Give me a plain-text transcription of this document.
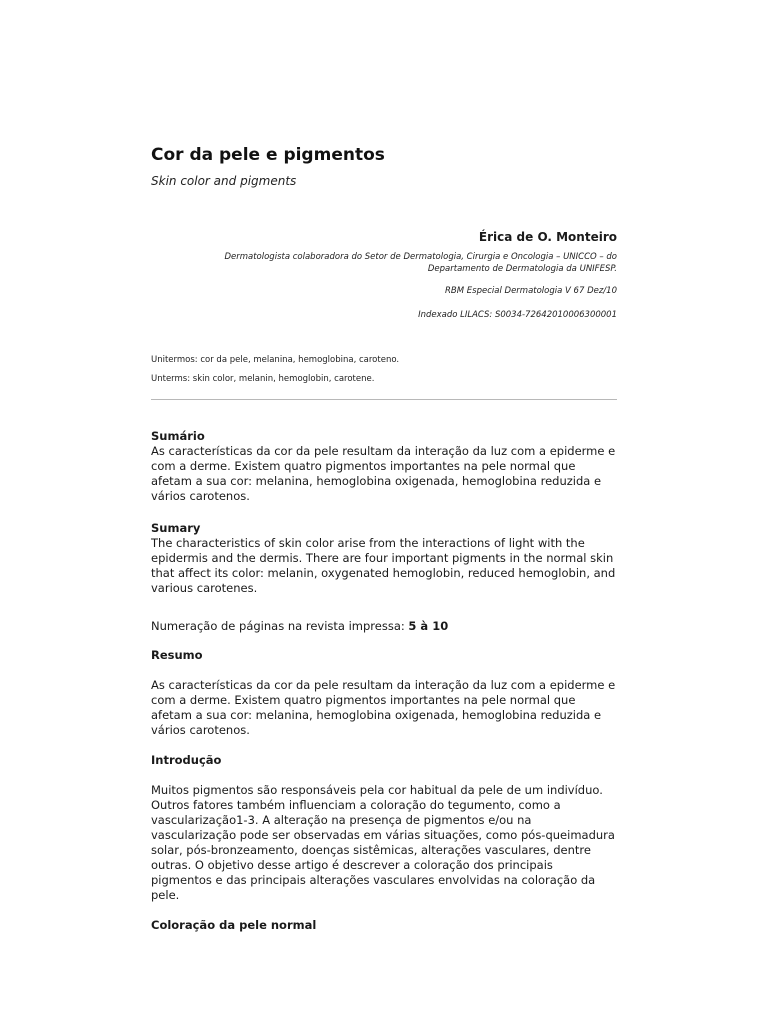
Cor da pele e pigmentos

Skin color and pigments

Érica de O. Monteiro
Dermatologista colaboradora do Setor de Dermatologia, Cirurgia e Oncologia – UNICCO – do
Departamento de Dermatologia da UNIFESP.
RBM Especial Dermatologia V 67 Dez/10
Indexado LILACS: S0034-72642010006300001
Unitermos: cor da pele, melanina, hemoglobina, caroteno.
Unterms: skin color, melanin, hemoglobin, carotene.
Sumário

As características da cor da pele resultam da interação da luz com a epiderme e com a derme. Existem quatro pigmentos importantes na pele normal que afetam a sua cor: melanina, hemoglobina oxigenada, hemoglobina reduzida e vários carotenos.

Sumary

The characteristics of skin color arise from the interactions of light with the epidermis and the dermis. There are four important pigments in the normal skin that affect its color: melanin, oxygenated hemoglobin, reduced hemoglobin, and various carotenes.

Numeração de páginas na revista impressa: 5 à 10
Resumo

As características da cor da pele resultam da interação da luz com a epiderme e com a derme. Existem quatro pigmentos importantes na pele normal que afetam a sua cor: melanina, hemoglobina oxigenada, hemoglobina reduzida e vários carotenos.

Introdução

Muitos pigmentos são responsáveis pela cor habitual da pele de um indivíduo. Outros fatores também influenciam a coloração do tegumento, como a vascularização1-3. A alteração na presença de pigmentos e/ou na vascularização pode ser observadas em várias situações, como pós-queimadura solar, pós-bronzeamento, doenças sistêmicas, alterações vasculares, dentre outras. O objetivo desse artigo é descrever a coloração dos principais pigmentos e das principais alterações vasculares envolvidas na coloração da pele.

Coloração da pele normal
